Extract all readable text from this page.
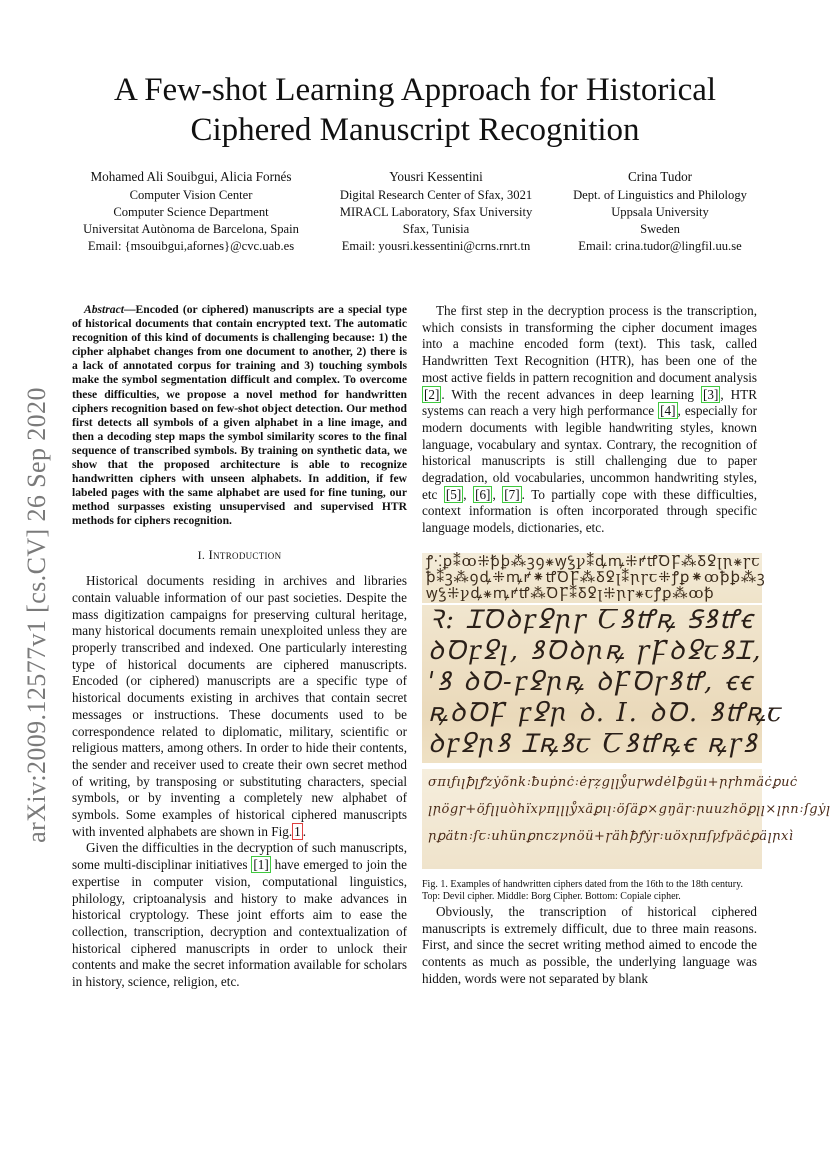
arXiv:2009.12577v1 [cs.CV] 26 Sep 2020
A Few-shot Learning Approach for Historical
Ciphered Manuscript Recognition
Mohamed Ali Souibgui, Alicia Fornés
Computer Vision Center
Computer Science Department
Universitat Autònoma de Barcelona, Spain
Email: {msouibgui,afornes}@cvc.uab.es
Yousri Kessentini
Digital Research Center of Sfax, 3021
MIRACL Laboratory, Sfax University
Sfax, Tunisia
Email: yousri.kessentini@crns.rnrt.tn
Crina Tudor
Dept. of Linguistics and Philology
Uppsala University
Sweden
Email: crina.tudor@lingfil.uu.se

Abstract—Encoded (or ciphered) manuscripts are a special type of historical documents that contain encrypted text. The automatic recognition of this kind of documents is challenging because: 1) the cipher alphabet changes from one document to another, 2) there is a lack of annotated corpus for training and 3) touching symbols make the symbol segmentation difficult and complex. To overcome these difficulties, we propose a novel method for handwritten ciphers recognition based on few-shot object detection. Our method first detects all symbols of a given alphabet in a line image, and then a decoding step maps the symbol similarity scores to the final sequence of transcribed symbols. By training on synthetic data, we show that the proposed architecture is able to recognize handwritten ciphers with unseen alphabets. In addition, if few labeled pages with the same alphabet are used for fine tuning, our method surpasses existing unsupervised and supervised HTR methods for ciphers recognition.

I. Introduction

Historical documents residing in archives and libraries contain valuable information of our past societies. Despite the mass digitization campaigns for preserving cultural heritage, many historical documents remain unexploited unless they are properly transcribed and indexed. One particularly interesting type of historical documents are ciphered manuscripts. Encoded (or ciphered) manuscripts are a specific type of historical documents existing in archives that contain secret messages or instructions. These documents used to be correspondence related to diplomatic, military, scientific or religious matters, among others. In order to hide their contents, the sender and receiver used to create their own secret method of writing, by transposing or substituting characters, special symbols, or by inventing a completely new alphabet of symbols. Some examples of historical ciphered manuscripts with invented alphabets are shown in Fig. 1 .

Given the difficulties in the decryption of such manuscripts, some multi-disciplinar initiatives [1] have emerged to join the expertise in computer vision, computational linguistics, philology, criptoanalysis and history to make advances in historical cryptology. These joint efforts aim to ease the collection, transcription, decryption and contextualization of historical ciphered manuscripts in order to unlock their contents and make the secret information available for scholars in history, science, religion, etc.

The first step in the decryption process is the transcription, which consists in transforming the cipher document images into a machine encoded form (text). This task, called Handwritten Text Recognition (HTR), has been one of the most active fields in pattern recognition and document analysis [2] . With the recent advances in deep learning [3] , HTR systems can reach a very high performance [4] , especially for modern documents with legible handwriting styles, known language, vocabulary and syntax. Contrary, the recognition of historical manuscripts is still challenging due to paper degradation, old vocabularies, uncommon handwriting styles, etc [5] , [6] , [7] . To partially cope with these difficulties, context information is often incorporated through specific language models, dictionaries, etc.

ꝭ⁖ꝑ⁑ꝏ⁜ꝥꝧ⁂ꝫꝯ⁕ꝡꝣꝩ⁑ꝱꝳ⁜ꝵꝷꝹꝻ⁂Ᵹꝿꞁꞃ⁕ꞅꞇ
ꝥ⁑ꝫ⁂ꝯꝱ⁜ꝳꝵ⁕ꝷꝹꝻ⁂Ᵹꝿꞁ⁑ꞃꞅꞇ⁜ꝭꝑ⁕ꝏꝥꝧ⁂ꝫ
ꝡꝣ⁜ꝩꝱ⁕ꝳꝵꝷ⁂ꝹꝻ⁑Ᵹꝿꞁ⁜ꞃꞅ⁕ꞇꝭꝑ⁂ꝏꝥ
Ꝛ: ꞮꝹꝺꝼꝿꞃꞅ Ꞇꝸꝷꝶ Ꞩꝸꝷꞓ
ꝺꝹꝼꝿꞁ, ꝸꝹꝺꞃꝶ ꞅꝻꝺꝿꞇꝸꞮ,
ꞌꝸ ꝺꝹ-ꝼꝿꞃꝶ ꝺꝻꝹꞅꝸꝷ, ꞓꞓ
ꝶꝺꝹꝻ ꝼꝿꞃ ꝺ. I. ꝺꝹ. ꝸꝷꝶꞇ
ꝺꝼꝿꞃꝸ Ɪꝶꝸꞇ Ꞇꝸꝷꝶꞓ ꝶꞅꝸ
σπıƒıꞁꝥꞁꝭzẏõnk꞉ƀuṗnċ꞉ėꞅẓgꞁꞁẙuꞅwdėlꝥgüı+ꞃꞅhmäċꝑuċ
ꞁꞃögꞅ+öƒꞁꞁuòhïxꝩπꞁꞁꞁẙxäꝑıꞁ꞉öſäꝑ×gŋäꞅ꞉ꞃuuzhöꝑꞁꞁ×ꞁꞃn꞉ſgẏꞁ
ꞃꝑätn꞉ſꞇ꞉uhünꝑnꞇzꝩnöü+ꞅähꝥꝭẏꞅ꞉uöxꞃπſꝩƒꝩäċꝑäꞁꞃxì

Fig. 1. Examples of handwritten ciphers dated from the 16th to the 18th century. Top: Devil cipher. Middle: Borg Cipher. Bottom: Copiale cipher.

Obviously, the transcription of historical ciphered manuscripts is extremely difficult, due to three main reasons. First, and since the secret writing method aimed to encode the contents as much as possible, the underlying language was hidden, words were not separated by blank
